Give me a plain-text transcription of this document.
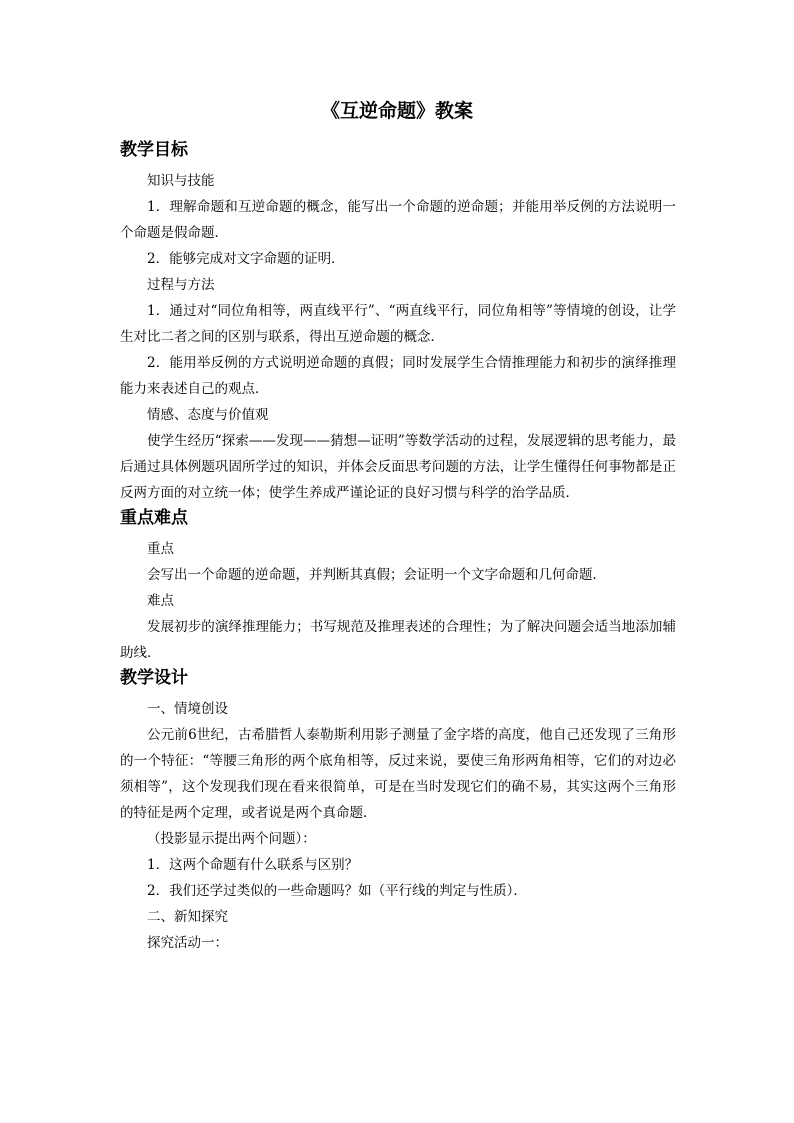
《互逆命题》教案

教学目标

知识与技能

1．理解命题和互逆命题的概念，能写出一个命题的逆命题；并能用举反例的方法说明一个命题是假命题．

2．能够完成对文字命题的证明．

过程与方法

1．通过对“同位角相等，两直线平行”、“两直线平行，同位角相等”等情境的创设，让学生对比二者之间的区别与联系，得出互逆命题的概念．

2．能用举反例的方式说明逆命题的真假；同时发展学生合情推理能力和初步的演绎推理能力来表述自己的观点．

情感、态度与价值观

使学生经历“探索——发现——猜想—证明”等数学活动的过程，发展逻辑的思考能力，最后通过具体例题巩固所学过的知识，并体会反面思考问题的方法，让学生懂得任何事物都是正反两方面的对立统一体；使学生养成严谨论证的良好习惯与科学的治学品质．

重点难点

重点

会写出一个命题的逆命题，并判断其真假；会证明一个文字命题和几何命题．

难点

发展初步的演绎推理能力；书写规范及推理表述的合理性；为了解决问题会适当地添加辅助线．

教学设计

一、情境创设

公元前6世纪，古希腊哲人泰勒斯利用影子测量了金字塔的高度，他自己还发现了三角形的一个特征：“等腰三角形的两个底角相等，反过来说，要使三角形两角相等，它们的对边必须相等”，这个发现我们现在看来很简单，可是在当时发现它们的确不易，其实这两个三角形的特征是两个定理，或者说是两个真命题．

（投影显示提出两个问题）：

1．这两个命题有什么联系与区别？

2．我们还学过类似的一些命题吗？如（平行线的判定与性质）．

二、新知探究

探究活动一：
